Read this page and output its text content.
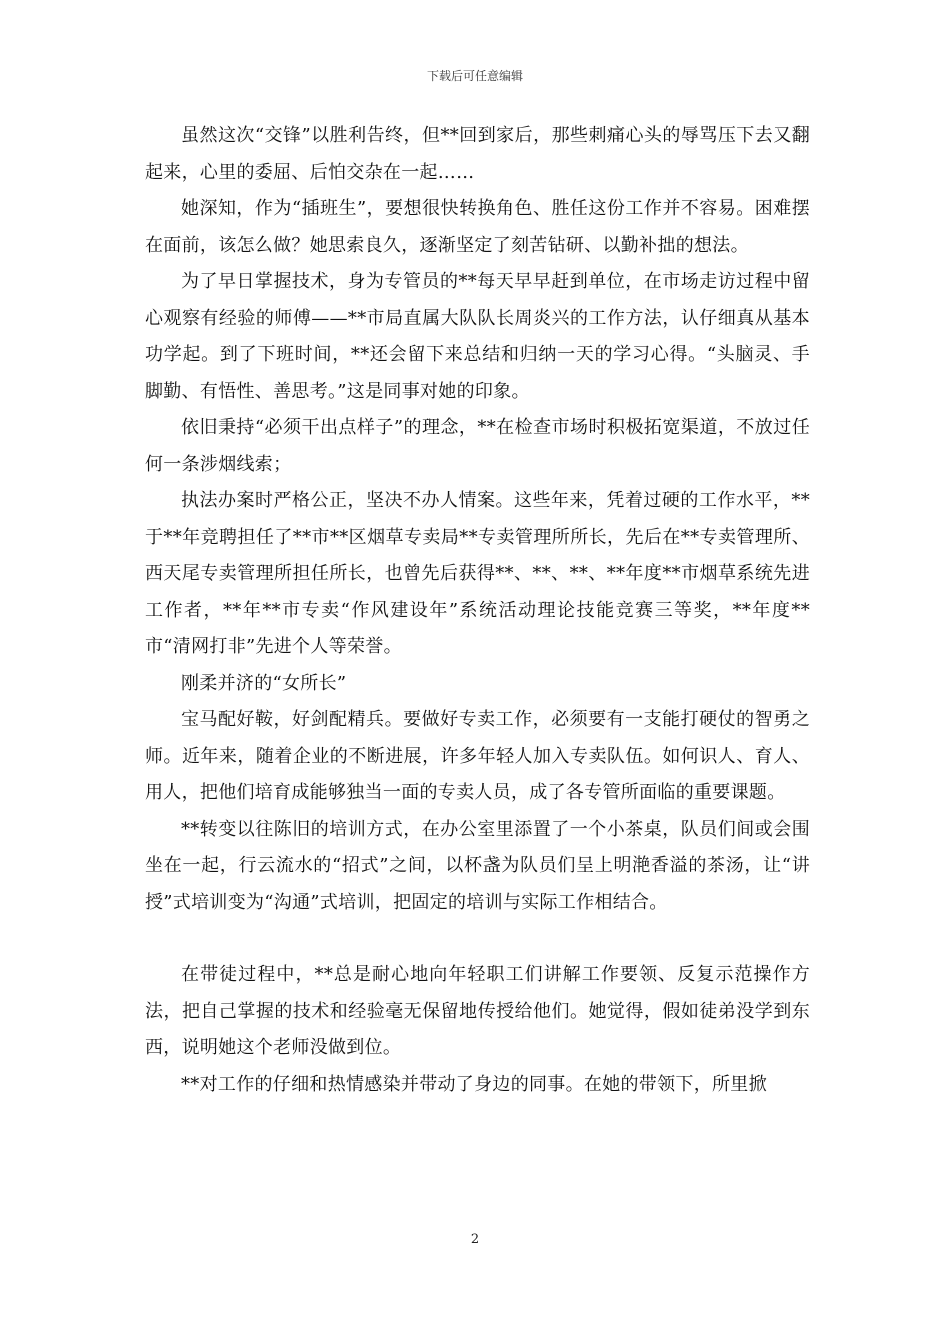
下载后可任意编辑

虽然这次“交锋”以胜利告终，但**回到家后，那些刺痛心头的辱骂压下去又翻起来，心里的委屈、后怕交杂在一起……

她深知，作为“插班生”，要想很快转换角色、胜任这份工作并不容易。困难摆在面前，该怎么做？她思索良久，逐渐坚定了刻苦钻研、以勤补拙的想法。

为了早日掌握技术，身为专管员的**每天早早赶到单位，在市场走访过程中留心观察有经验的师傅——**市局直属大队队长周炎兴的工作方法，认仔细真从基本功学起。到了下班时间，**还会留下来总结和归纳一天的学习心得。“头脑灵、手脚勤、有悟性、善思考。”这是同事对她的印象。

依旧秉持“必须干出点样子”的理念，**在检查市场时积极拓宽渠道，不放过任何一条涉烟线索；

执法办案时严格公正，坚决不办人情案。这些年来，凭着过硬的工作水平，**于**年竞聘担任了**市**区烟草专卖局**专卖管理所所长，先后在**专卖管理所、西天尾专卖管理所担任所长，也曾先后获得**、**、**、**年度**市烟草系统先进工作者，**年**市专卖“作风建设年”系统活动理论技能竞赛三等奖，**年度**市“清网打非”先进个人等荣誉。

刚柔并济的“女所长”

宝马配好鞍，好剑配精兵。要做好专卖工作，必须要有一支能打硬仗的智勇之师。近年来，随着企业的不断进展，许多年轻人加入专卖队伍。如何识人、育人、用人，把他们培育成能够独当一面的专卖人员，成了各专管所面临的重要课题。

**转变以往陈旧的培训方式，在办公室里添置了一个小茶桌，队员们间或会围坐在一起，行云流水的“招式”之间，以杯盏为队员们呈上明滟香溢的茶汤，让“讲授”式培训变为“沟通”式培训，把固定的培训与实际工作相结合。

在带徒过程中，**总是耐心地向年轻职工们讲解工作要领、反复示范操作方法，把自己掌握的技术和经验毫无保留地传授给他们。她觉得，假如徒弟没学到东西，说明她这个老师没做到位。

**对工作的仔细和热情感染并带动了身边的同事。在她的带领下，所里掀

2
